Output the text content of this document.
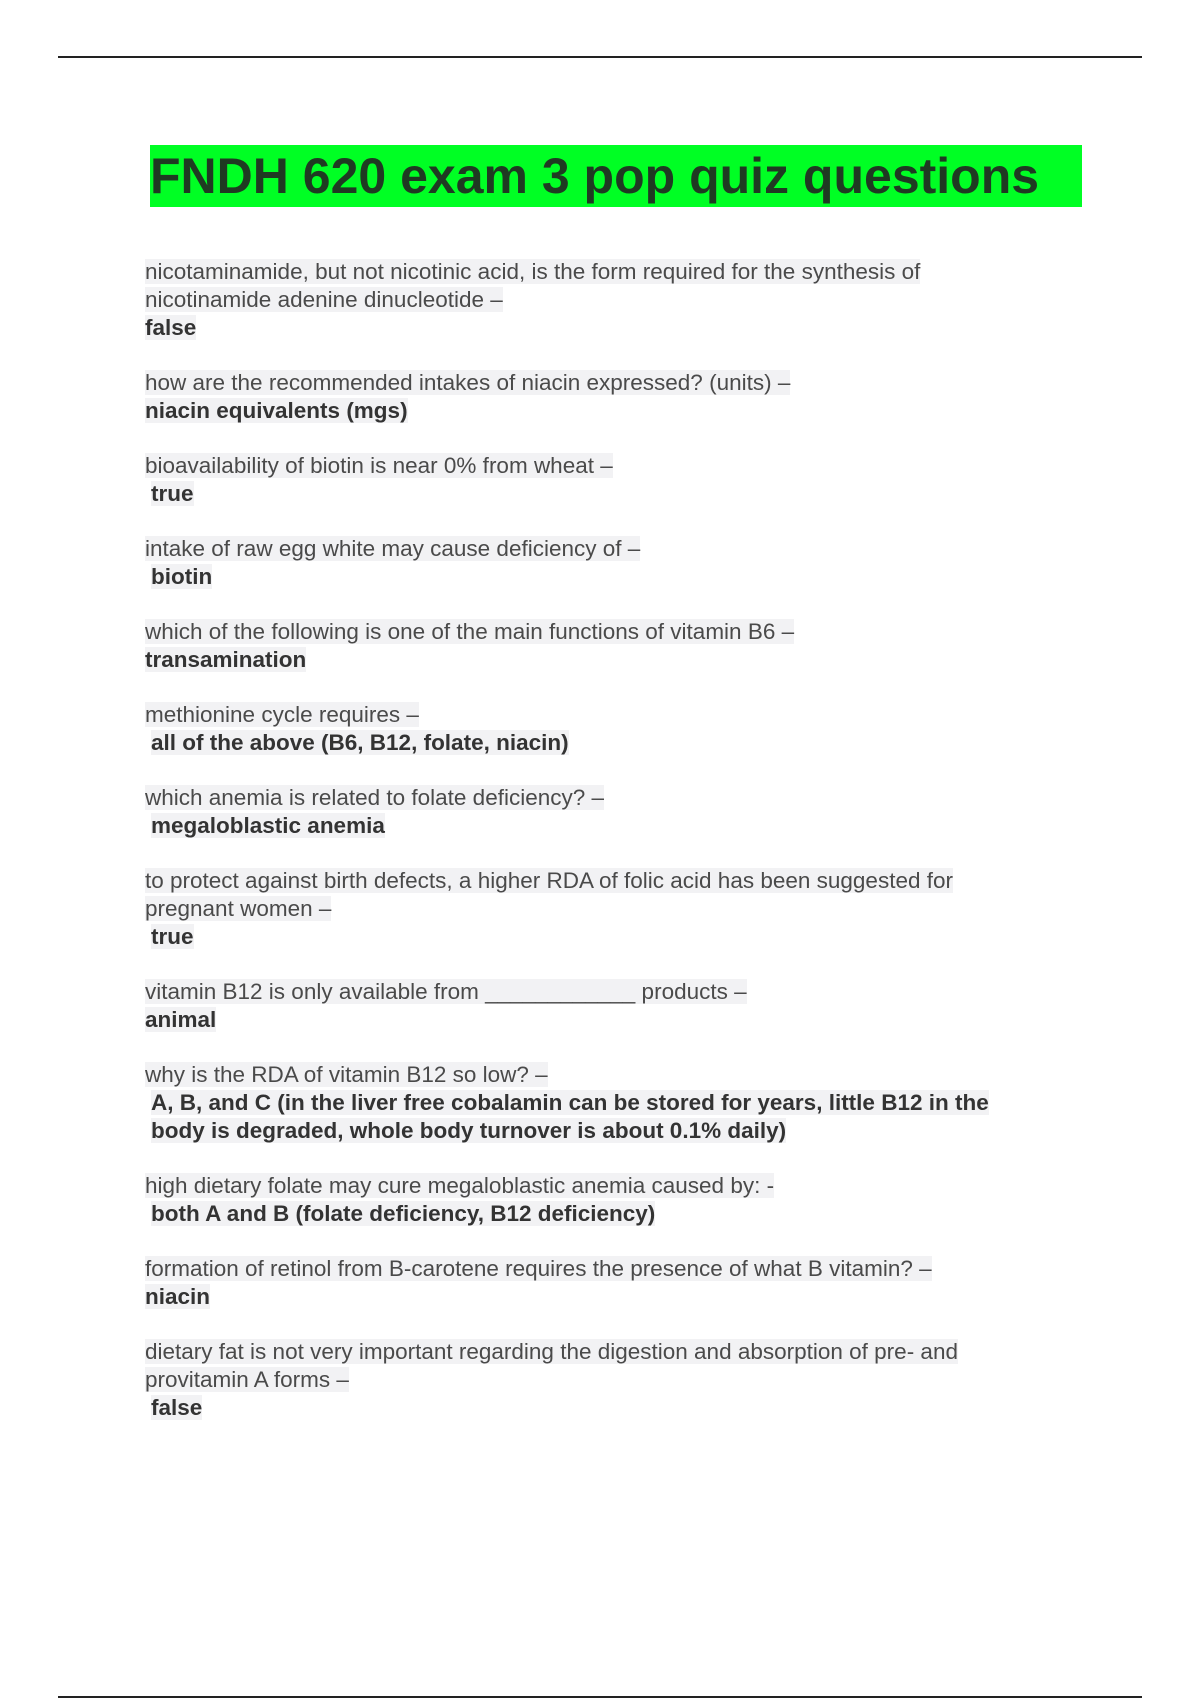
FNDH 620 exam 3 pop quiz questions
nicotaminamide, but not nicotinic acid, is the form required for the synthesis of nicotinamide adenine dinucleotide –
false
how are the recommended intakes of niacin expressed? (units) –
niacin equivalents (mgs)
bioavailability of biotin is near 0% from wheat –
true
intake of raw egg white may cause deficiency of –
biotin
which of the following is one of the main functions of vitamin B6 –
transamination
methionine cycle requires –
all of the above (B6, B12, folate, niacin)
which anemia is related to folate deficiency? –
megaloblastic anemia
to protect against birth defects, a higher RDA of folic acid has been suggested for pregnant women –
true
vitamin B12 is only available from ____________ products –
animal
why is the RDA of vitamin B12 so low? –
A, B, and C (in the liver free cobalamin can be stored for years, little B12 in the body is degraded, whole body turnover is about 0.1% daily)
high dietary folate may cure megaloblastic anemia caused by: -
both A and B (folate deficiency, B12 deficiency)
formation of retinol from B-carotene requires the presence of what B vitamin? –
niacin
dietary fat is not very important regarding the digestion and absorption of pre- and provitamin A forms –
false
